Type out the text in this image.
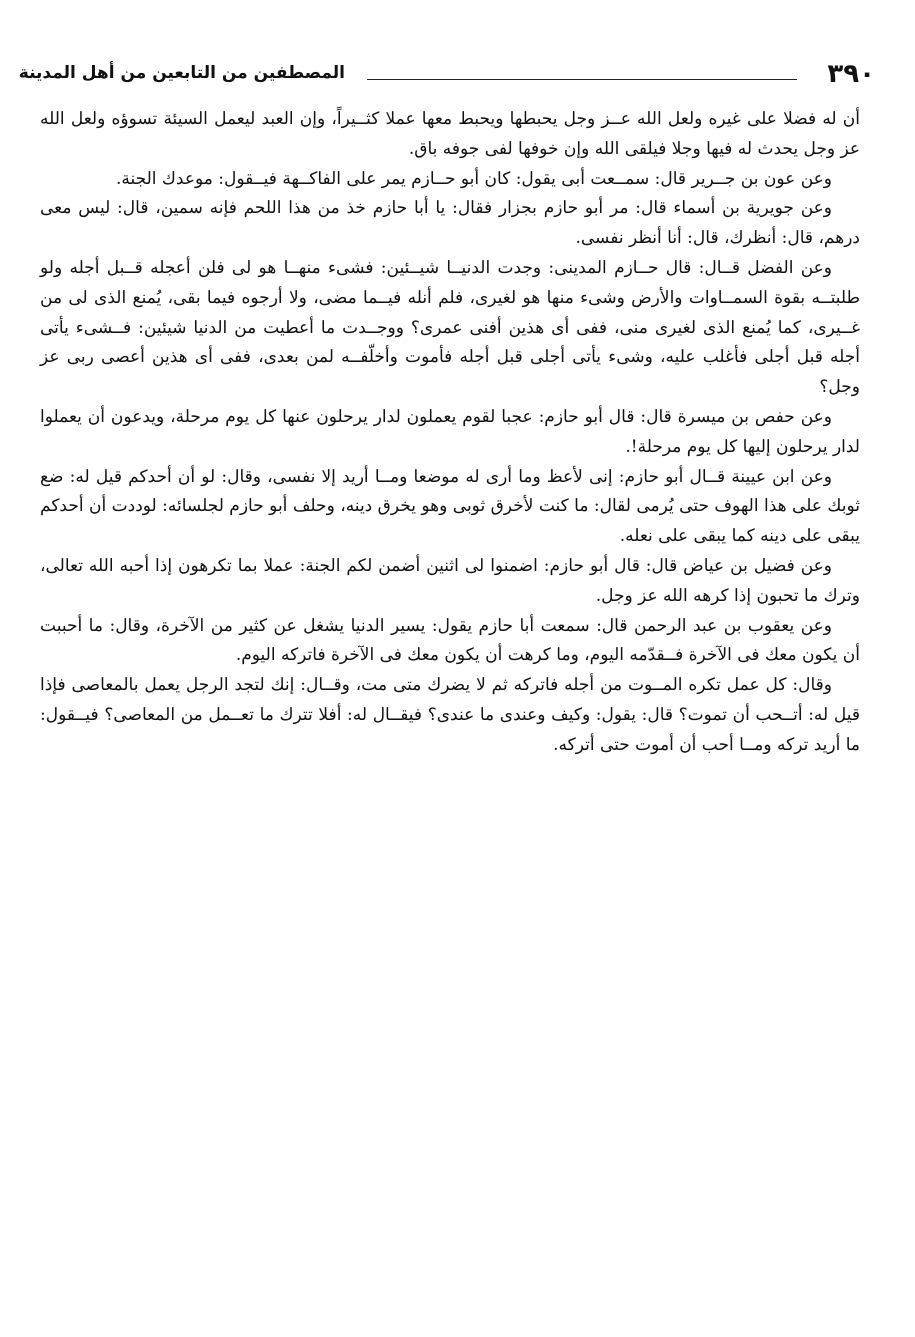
٣٩٠
المصطفين من التابعين من أهل المدينة

أن له فضلا على غيره ولعل الله عــز وجل يحبطها ويحبط معها عملا كثــيراً، وإن العبد ليعمل السيئة تسوؤه ولعل الله عز وجل يحدث له فيها وجلا فيلقى الله وإن خوفها لفى جوفه باق.

وعن عون بن جــرير قال: سمــعت أبى يقول: كان أبو حــازم يمر على الفاكــهة فيــقول: موعدك الجنة.

وعن جويرية بن أسماء قال: مر أبو حازم بجزار فقال: يا أبا حازم خذ من هذا اللحم فإنه سمين، قال: ليس معى درهم، قال: أنظرك، قال: أنا أنظر نفسى.

وعن الفضل قــال: قال حــازم المدينى: وجدت الدنيــا شيــئين: فشىء منهــا هو لى فلن أعجله قــبل أجله ولو طلبتــه بقوة السمــاوات والأرض وشىء منها هو لغيرى، فلم أنله فيــما مضى، ولا أرجوه فيما بقى، يُمنع الذى لى من غــيرى، كما يُمنع الذى لغيرى منى، ففى أى هذين أفنى عمرى؟ ووجــدت ما أعطيت من الدنيا شيئين: فــشىء يأتى أجله قبل أجلى فأغلب عليه، وشىء يأتى أجلى قبل أجله فأموت وأخلّفــه لمن بعدى، ففى أى هذين أعصى ربى عز وجل؟

وعن حفص بن ميسرة قال: قال أبو حازم: عجبا لقوم يعملون لدار يرحلون عنها كل يوم مرحلة، ويدعون أن يعملوا لدار يرحلون إليها كل يوم مرحلة!.

وعن ابن عيينة قــال أبو حازم: إنى لأعظ وما أرى له موضعا ومــا أريد إلا نفسى، وقال: لو أن أحدكم قيل له: ضع ثوبك على هذا الهوف حتى يُرمى لقال: ما كنت لأخرق ثوبى وهو يخرق دينه، وحلف أبو حازم لجلسائه: لوددت أن أحدكم يبقى على دينه كما يبقى على نعله.

وعن فضيل بن عياض قال: قال أبو حازم: اضمنوا لى اثنين أضمن لكم الجنة: عملا بما تكرهون إذا أحبه الله تعالى، وترك ما تحبون إذا كرهه الله عز وجل.

وعن يعقوب بن عبد الرحمن قال: سمعت أبا حازم يقول: يسير الدنيا يشغل عن كثير من الآخرة، وقال: ما أحببت أن يكون معك فى الآخرة فــقدّمه اليوم، وما كرهت أن يكون معك فى الآخرة فاتركه اليوم.

وقال: كل عمل تكره المــوت من أجله فاتركه ثم لا يضرك متى مت، وقــال: إنك لتجد الرجل يعمل بالمعاصى فإذا قيل له: أتــحب أن تموت؟ قال: يقول: وكيف وعندى ما عندى؟ فيقــال له: أفلا تترك ما تعــمل من المعاصى؟ فيــقول: ما أريد تركه ومــا أحب أن أموت حتى أتركه.
